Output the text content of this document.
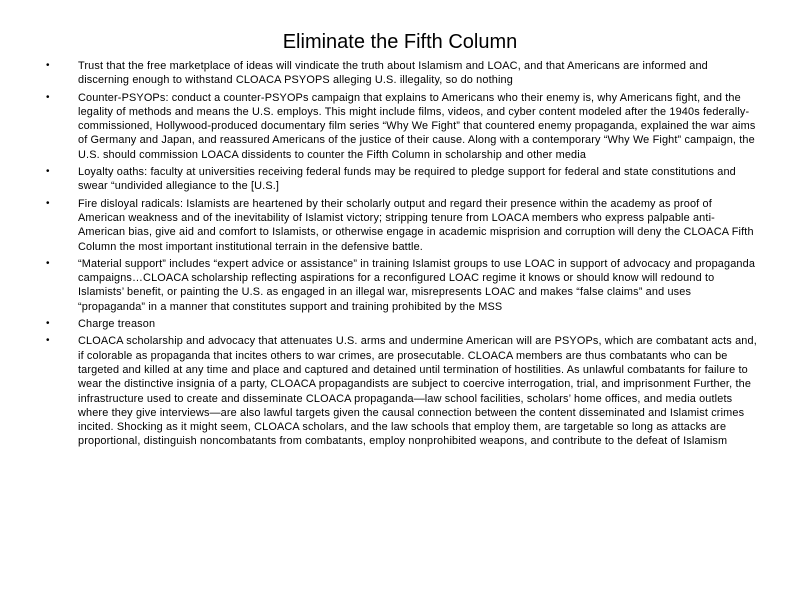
Eliminate the Fifth Column
•	Trust that the free marketplace of ideas will vindicate the truth about Islamism and LOAC, and that Americans are informed and discerning enough to withstand CLOACA PSYOPS alleging U.S. illegality, so do nothing
•	Counter-PSYOPs: conduct a counter-PSYOPs campaign that explains to Americans who their enemy is, why Americans fight, and the legality of methods and means the U.S. employs. This might include films, videos, and cyber content modeled after the 1940s federally-commissioned, Hollywood-produced documentary film series “Why We Fight” that countered enemy propaganda, explained the war aims of Germany and Japan, and reassured Americans of the justice of their cause. Along with a contemporary “Why We Fight” campaign, the U.S. should commission LOACA dissidents to counter the Fifth Column in scholarship and other media
•	Loyalty oaths: faculty at universities receiving federal funds may be required to pledge support for federal and state constitutions and swear “undivided allegiance to the [U.S.]
•	Fire disloyal radicals: Islamists are heartened by their scholarly output and regard their presence within the academy as proof of American weakness and of the inevitability of Islamist victory; stripping tenure from LOACA members who express palpable anti-American bias, give aid and comfort to Islamists, or otherwise engage in academic misprision and corruption will deny the CLOACA Fifth Column the most important institutional terrain in the defensive battle.
•	“Material support” includes “expert advice or assistance” in training Islamist groups to use LOAC in support of advocacy and propaganda campaigns…CLOACA scholarship reflecting aspirations for a reconfigured LOAC regime it knows or should know will redound to Islamists’ benefit, or painting the U.S. as engaged in an illegal war, misrepresents LOAC and makes “false claims” and uses “propaganda” in a manner that constitutes support and training prohibited by the MSS
•	Charge treason
•	CLOACA scholarship and advocacy that attenuates U.S. arms and undermine American will are PSYOPs, which are combatant acts and, if colorable as propaganda that incites others to war crimes, are prosecutable. CLOACA members are thus combatants who can be targeted and killed at any time and place and captured and detained until termination of hostilities. As unlawful combatants for failure to wear the distinctive insignia of a party, CLOACA propagandists are subject to coercive interrogation, trial, and imprisonment Further, the infrastructure used to create and disseminate CLOACA propaganda—law school facilities, scholars’ home offices, and media outlets where they give interviews—are also lawful targets given the causal connection between the content disseminated and Islamist crimes incited. Shocking as it might seem, CLOACA scholars, and the law schools that employ them, are targetable so long as attacks are proportional, distinguish noncombatants from combatants, employ nonprohibited weapons, and contribute to the defeat of Islamism
